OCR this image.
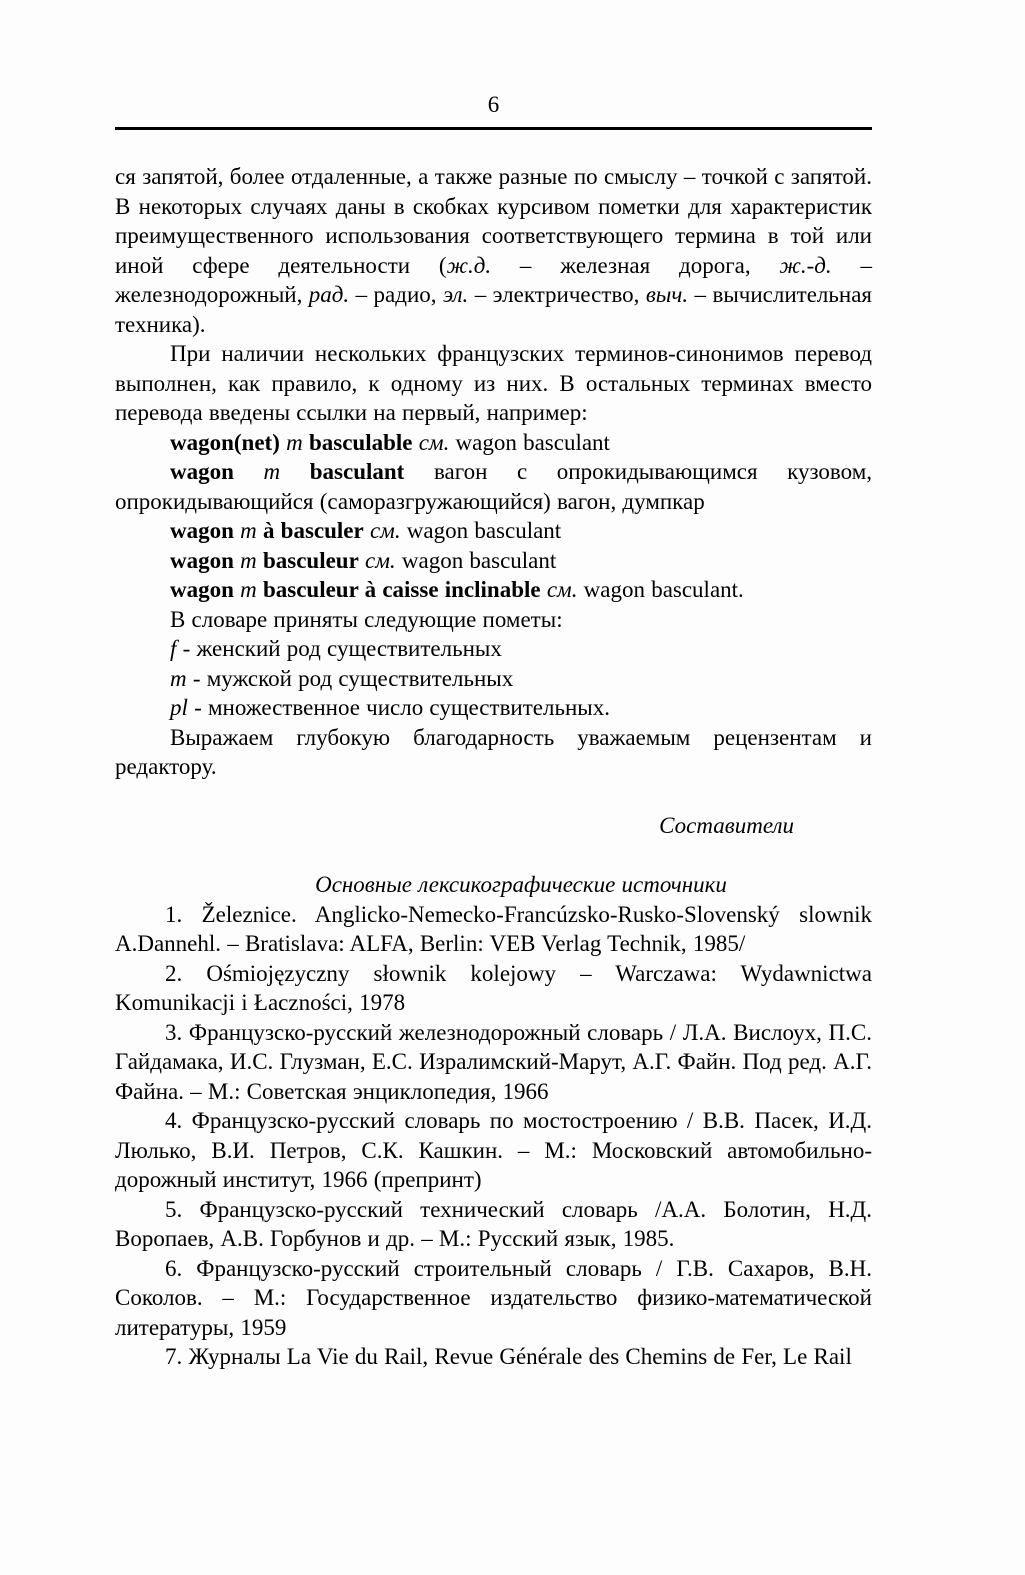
6

ся запятой, более отдаленные, а также разные по смыслу – точкой с запятой. В некоторых случаях даны в скобках курсивом пометки для характеристик преимущественного использования соответствующего термина в той или иной сфере деятельности (ж.д. – железная дорога, ж.-д. – железнодорожный, рад. – радио, эл. – электричество, выч. – вычислительная техника).

При наличии нескольких французских терминов-синонимов перевод выполнен, как правило, к одному из них. В остальных терминах вместо перевода введены ссылки на первый, например:

wagon(net) m basculable см. wagon basculant

wagon m basculant вагон с опрокидывающимся кузовом, опрокидывающийся (саморазгружающийся) вагон, думпкар

wagon m à basculer см. wagon basculant

wagon m basculeur см. wagon basculant

wagon m basculeur à caisse inclinable см. wagon basculant.

В словаре приняты следующие пометы:

f - женский род существительных

m - мужской род существительных

pl - множественное число существительных.

Выражаем глубокую благодарность уважаемым рецензентам и редактору.

Составители

Основные лексикографические источники

1. Železnice. Anglicko-Nemecko-Francúzsko-Rusko-Slovenský slownik A.Dannehl. – Bratislava: ALFA, Berlin: VEB Verlag Technik, 1985/

2. Ośmiojęzyczny słownik kolejowy – Warczawa: Wydawnictwa Komunikacji i Łaczności, 1978

3. Французско-русский железнодорожный словарь / Л.А. Вислоух, П.С. Гайдамака, И.С. Глузман, Е.С. Изралимский-Марут, А.Г. Файн. Под ред. А.Г. Файна. – М.: Советская энциклопедия, 1966

4. Французско-русский словарь по мостостроению / В.В. Пасек, И.Д. Люлько, В.И. Петров, С.К. Кашкин. – М.: Московский автомобильно-дорожный институт, 1966 (препринт)

5. Французско-русский технический словарь /А.А. Болотин, Н.Д. Воропаев, А.В. Горбунов и др. – М.: Русский язык, 1985.

6. Французско-русский строительный словарь / Г.В. Сахаров, В.Н. Соколов. – М.: Государственное издательство физико-математической литературы, 1959

7. Журналы La Vie du Rail, Revue Générale des Chemins de Fer, Le Rail
